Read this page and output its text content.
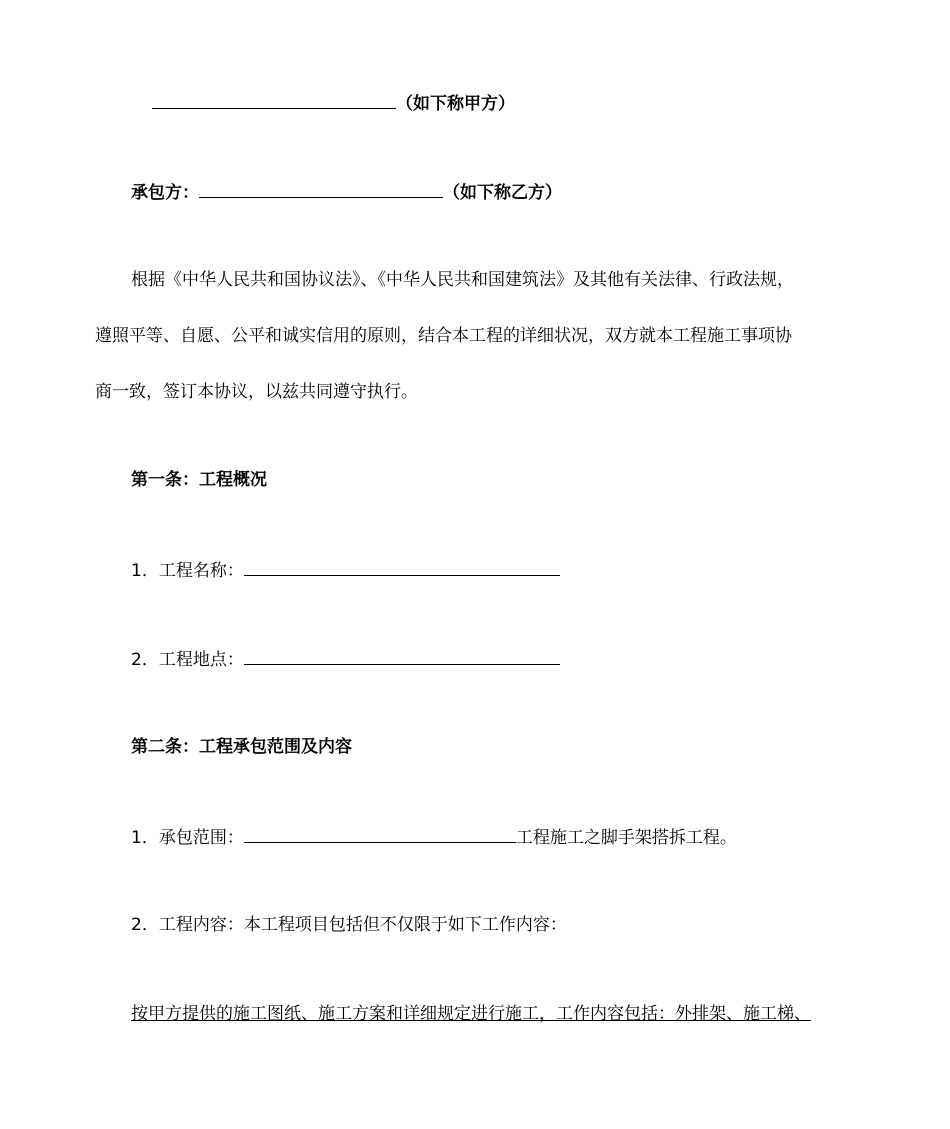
（如下称甲方）
承包方：	（如下称乙方）
根据《中华人民共和国协议法》、《中华人民共和国建筑法》及其他有关法律、行政法规，
遵照平等、自愿、公平和诚实信用的原则，结合本工程的详细状况，双方就本工程施工事项协
商一致，签订本协议，以兹共同遵守执行。
第一条：工程概况
1．工程名称：
2．工程地点：
第二条：工程承包范围及内容
1．承包范围：	工程施工之脚手架搭拆工程。
2．工程内容：本工程项目包括但不仅限于如下工作内容：
按甲方提供的施工图纸、施工方案和详细规定进行施工，工作内容包括：外排架、施工梯、
